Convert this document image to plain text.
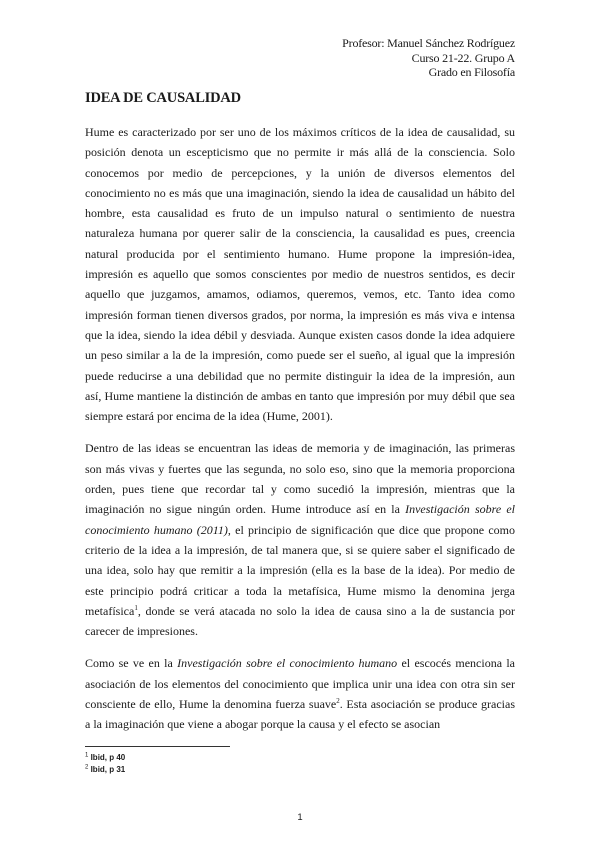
Profesor: Manuel Sánchez Rodríguez
Curso 21-22. Grupo A
Grado en Filosofía
IDEA DE CAUSALIDAD

Hume es caracterizado por ser uno de los máximos críticos de la idea de causalidad, su posición denota un escepticismo que no permite ir más allá de la consciencia. Solo conocemos por medio de percepciones, y la unión de diversos elementos del conocimiento no es más que una imaginación, siendo la idea de causalidad un hábito del hombre, esta causalidad es fruto de un impulso natural o sentimiento de nuestra naturaleza humana por querer salir de la consciencia, la causalidad es pues, creencia natural producida por el sentimiento humano. Hume propone la impresión-idea, impresión es aquello que somos conscientes por medio de nuestros sentidos, es decir aquello que juzgamos, amamos, odiamos, queremos, vemos, etc. Tanto idea como impresión forman tienen diversos grados, por norma, la impresión es más viva e intensa que la idea, siendo la idea débil y desviada. Aunque existen casos donde la idea adquiere un peso similar a la de la impresión, como puede ser el sueño, al igual que la impresión puede reducirse a una debilidad que no permite distinguir la idea de la impresión, aun así, Hume mantiene la distinción de ambas en tanto que impresión por muy débil que sea siempre estará por encima de la idea (Hume, 2001).

Dentro de las ideas se encuentran las ideas de memoria y de imaginación, las primeras son más vivas y fuertes que las segunda, no solo eso, sino que la memoria proporciona orden, pues tiene que recordar tal y como sucedió la impresión, mientras que la imaginación no sigue ningún orden. Hume introduce así en la Investigación sobre el conocimiento humano (2011), el principio de significación que dice que propone como criterio de la idea a la impresión, de tal manera que, si se quiere saber el significado de una idea, solo hay que remitir a la impresión (ella es la base de la idea). Por medio de este principio podrá criticar a toda la metafísica, Hume mismo la denomina jerga metafísica$^1$, donde se verá atacada no solo la idea de causa sino a la de sustancia por carecer de impresiones.

Como se ve en la Investigación sobre el conocimiento humano el escocés menciona la asociación de los elementos del conocimiento que implica unir una idea con otra sin ser consciente de ello, Hume la denomina fuerza suave$^2$. Esta asociación se produce gracias a la imaginación que viene a abogar porque la causa y el efecto se asocian

$^1$ Ibid, p 40
$^2$ Ibid, p 31
1
